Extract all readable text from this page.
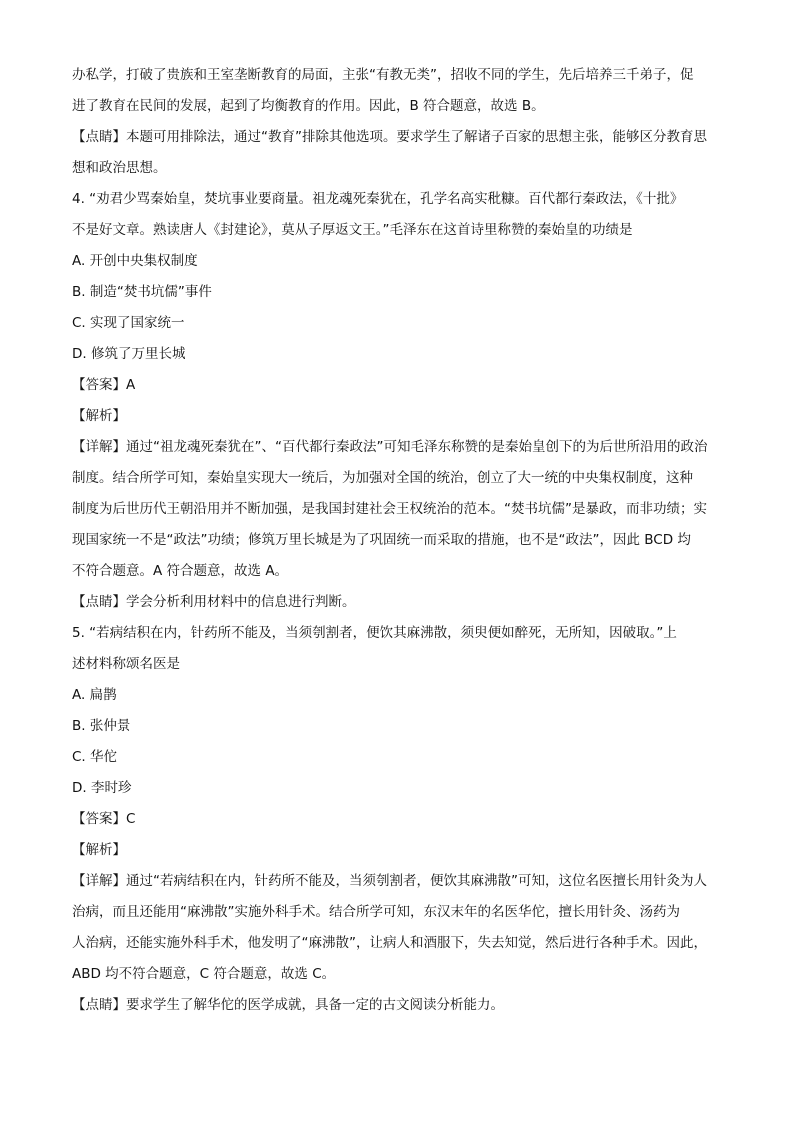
办私学，打破了贵族和王室垄断教育的局面，主张“有教无类”，招收不同的学生，先后培养三千弟子，促
进了教育在民间的发展，起到了均衡教育的作用。因此，B 符合题意，故选 B。
【点睛】本题可用排除法，通过“教育”排除其他选项。要求学生了解诸子百家的思想主张，能够区分教育思
想和政治思想。
4. “劝君少骂秦始皇，焚坑事业要商量。祖龙魂死秦犹在，孔学名高实秕糠。百代都行秦政法，《十批》
不是好文章。熟读唐人《封建论》，莫从子厚返文王。”毛泽东在这首诗里称赞的秦始皇的功绩是
A. 开创中央集权制度
B. 制造“焚书坑儒”事件
C. 实现了国家统一
D. 修筑了万里长城
【答案】A
【解析】
【详解】通过“祖龙魂死秦犹在”、“百代都行秦政法”可知毛泽东称赞的是秦始皇创下的为后世所沿用的政治
制度。结合所学可知，秦始皇实现大一统后，为加强对全国的统治，创立了大一统的中央集权制度，这种
制度为后世历代王朝沿用并不断加强，是我国封建社会王权统治的范本。“焚书坑儒”是暴政，而非功绩；实
现国家统一不是“政法”功绩；修筑万里长城是为了巩固统一而采取的措施，也不是“政法”，因此 BCD 均
不符合题意。A 符合题意，故选 A。
【点睛】学会分析利用材料中的信息进行判断。
5. “若病结积在内，针药所不能及，当须刳割者，便饮其麻沸散，须臾便如醉死，无所知，因破取。”上
述材料称颂名医是
A. 扁鹊
B. 张仲景
C. 华佗
D. 李时珍
【答案】C
【解析】
【详解】通过“若病结积在内，针药所不能及，当须刳割者，便饮其麻沸散”可知，这位名医擅长用针灸为人
治病，而且还能用“麻沸散”实施外科手术。结合所学可知，东汉末年的名医华佗，擅长用针灸、汤药为
人治病，还能实施外科手术，他发明了“麻沸散”，让病人和酒服下，失去知觉，然后进行各种手术。因此，
ABD 均不符合题意，C 符合题意，故选 C。
【点睛】要求学生了解华佗的医学成就，具备一定的古文阅读分析能力。
